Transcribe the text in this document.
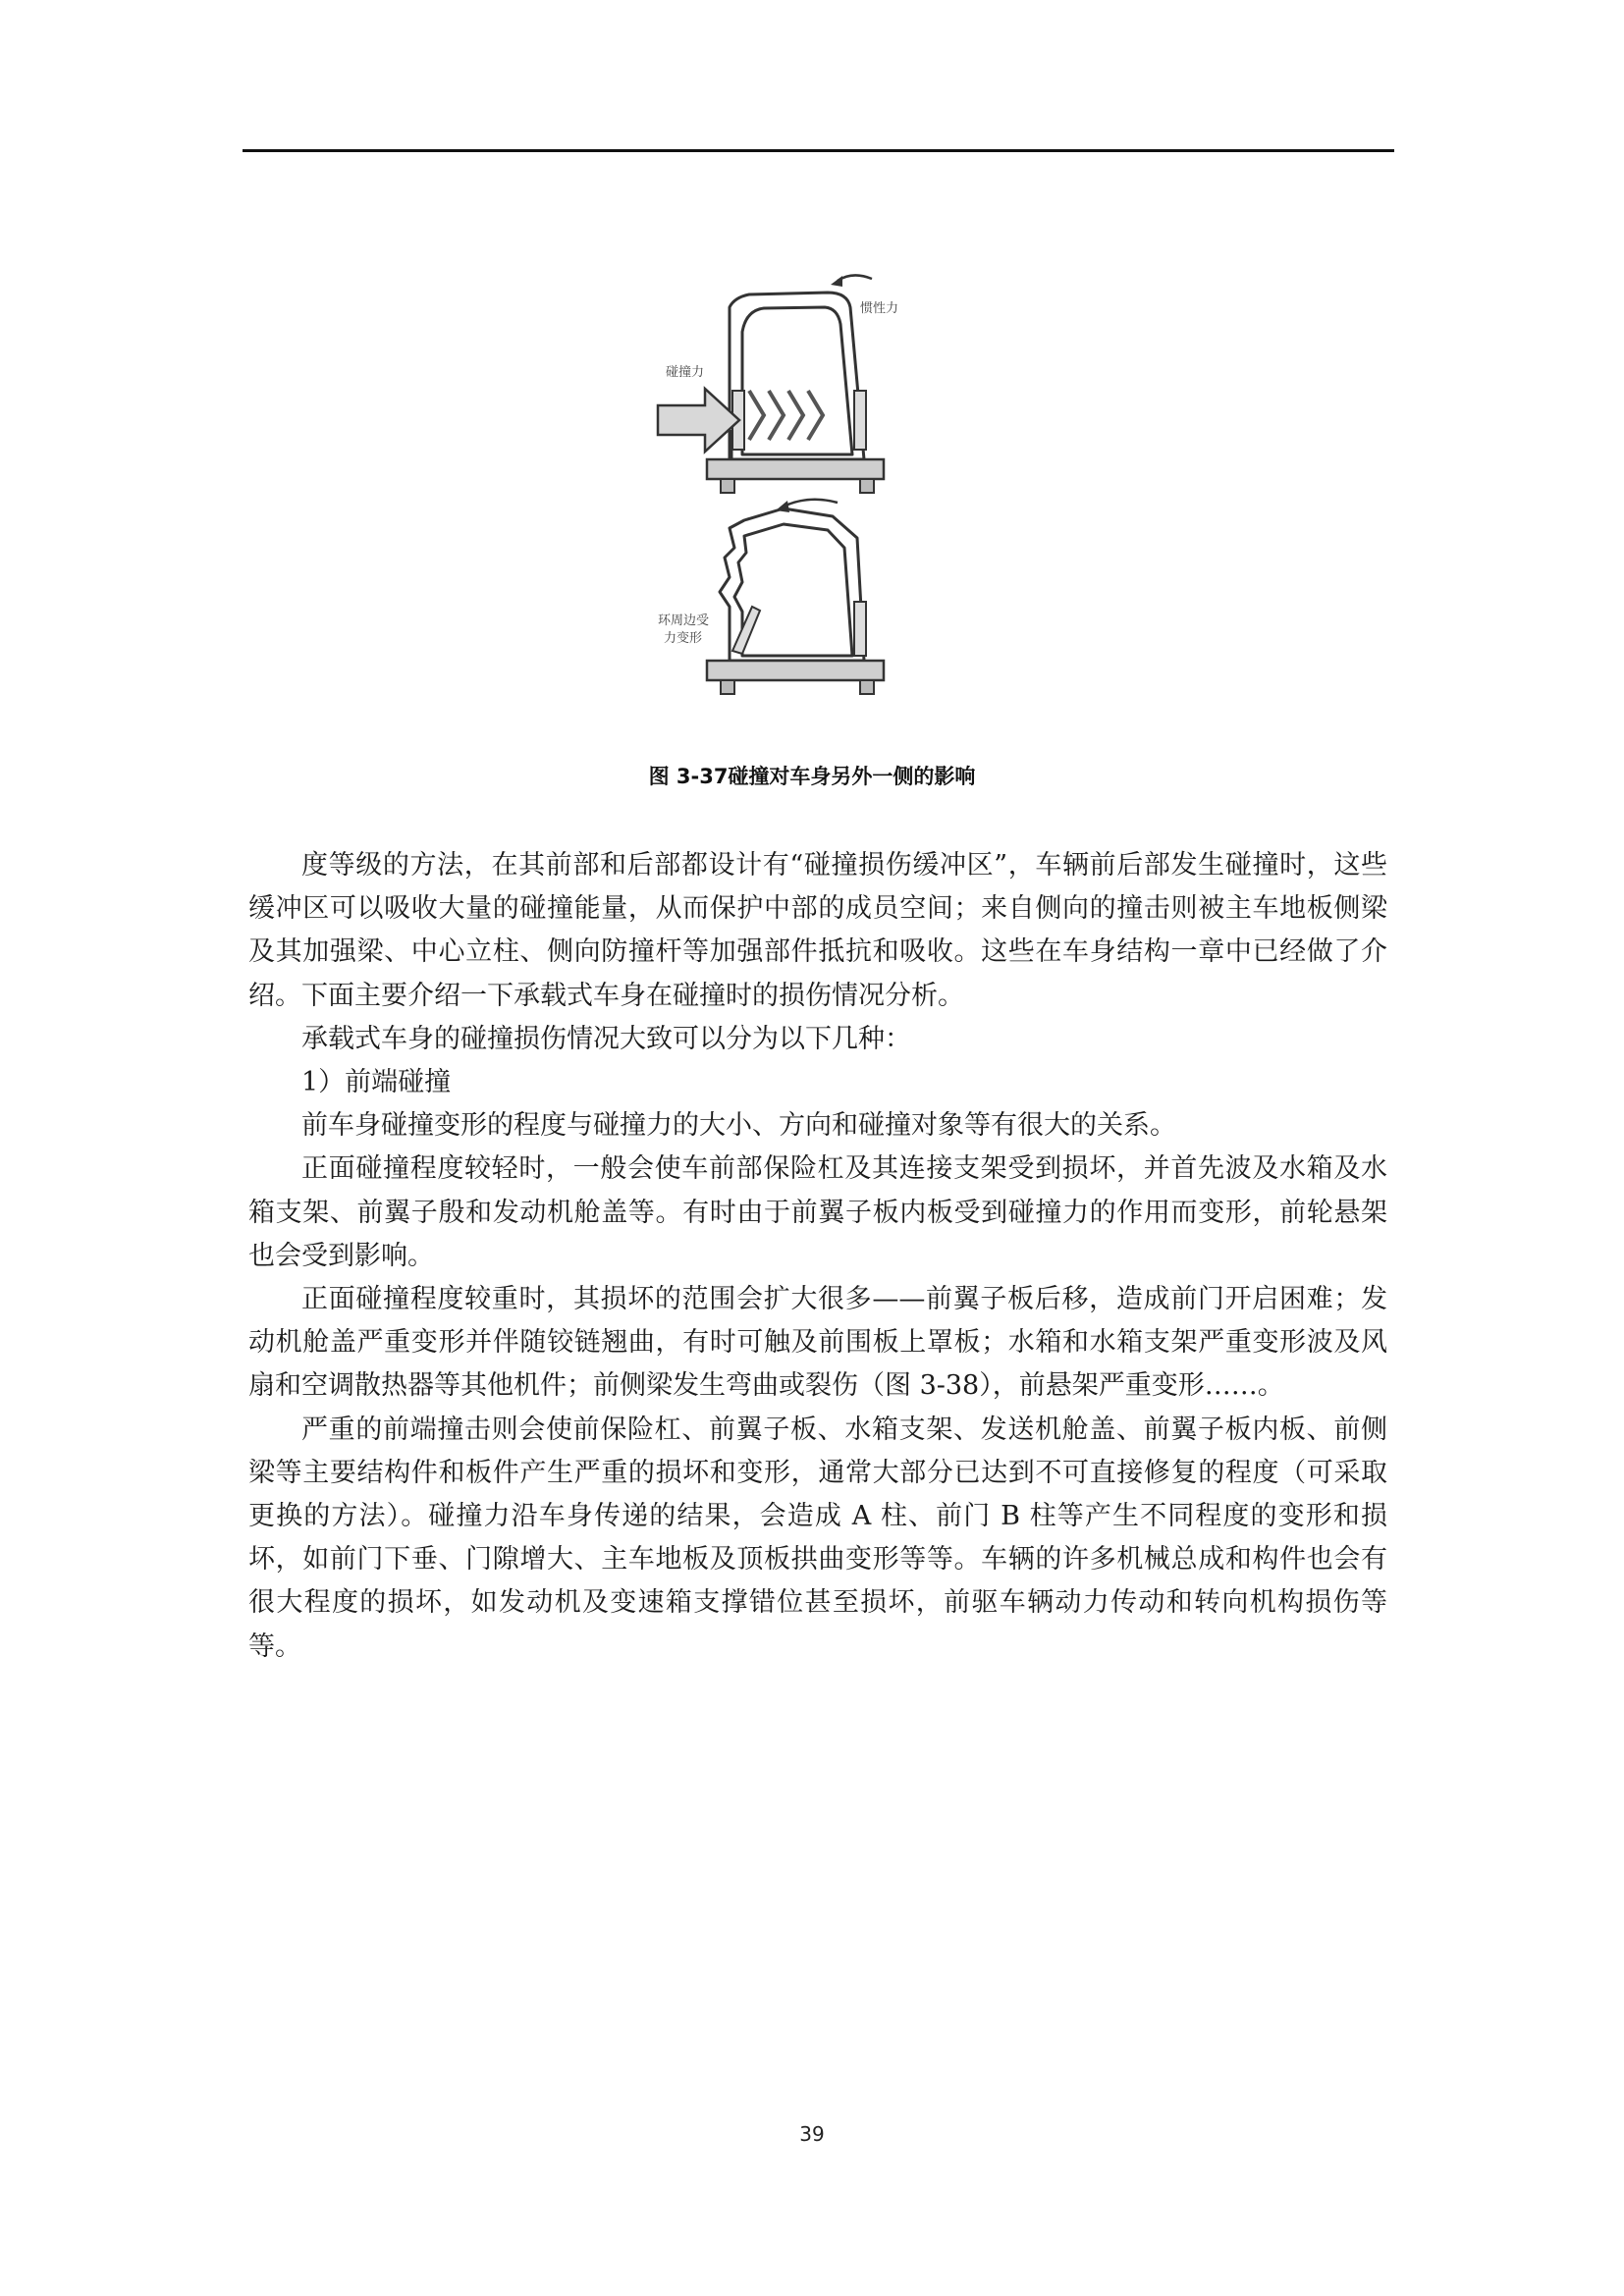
惯性力
碰撞力
环周边受
力变形
图 3-37碰撞对车身另外一侧的影响

度等级的方法，在其前部和后部都设计有“碰撞损伤缓冲区”，车辆前后部发生碰撞时，这些缓冲区可以吸收大量的碰撞能量，从而保护中部的成员空间；来自侧向的撞击则被主车地板侧梁及其加强梁、中心立柱、侧向防撞杆等加强部件抵抗和吸收。这些在车身结构一章中已经做了介绍。下面主要介绍一下承载式车身在碰撞时的损伤情况分析。

承载式车身的碰撞损伤情况大致可以分为以下几种：

1）前端碰撞

前车身碰撞变形的程度与碰撞力的大小、方向和碰撞对象等有很大的关系。

正面碰撞程度较轻时，一般会使车前部保险杠及其连接支架受到损坏，并首先波及水箱及水箱支架、前翼子殷和发动机舱盖等。有时由于前翼子板内板受到碰撞力的作用而变形，前轮悬架也会受到影响。

正面碰撞程度较重时，其损坏的范围会扩大很多——前翼子板后移，造成前门开启困难；发动机舱盖严重变形并伴随铰链翘曲，有时可触及前围板上罩板；水箱和水箱支架严重变形波及风扇和空调散热器等其他机件；前侧梁发生弯曲或裂伤（图 3-38），前悬架严重变形……。

严重的前端撞击则会使前保险杠、前翼子板、水箱支架、发送机舱盖、前翼子板内板、前侧梁等主要结构件和板件产生严重的损坏和变形，通常大部分已达到不可直接修复的程度（可采取更换的方法）。碰撞力沿车身传递的结果，会造成 A 柱、前门 B 柱等产生不同程度的变形和损坏，如前门下垂、门隙增大、主车地板及顶板拱曲变形等等。车辆的许多机械总成和构件也会有很大程度的损坏，如发动机及变速箱支撑错位甚至损坏，前驱车辆动力传动和转向机构损伤等等。

39
